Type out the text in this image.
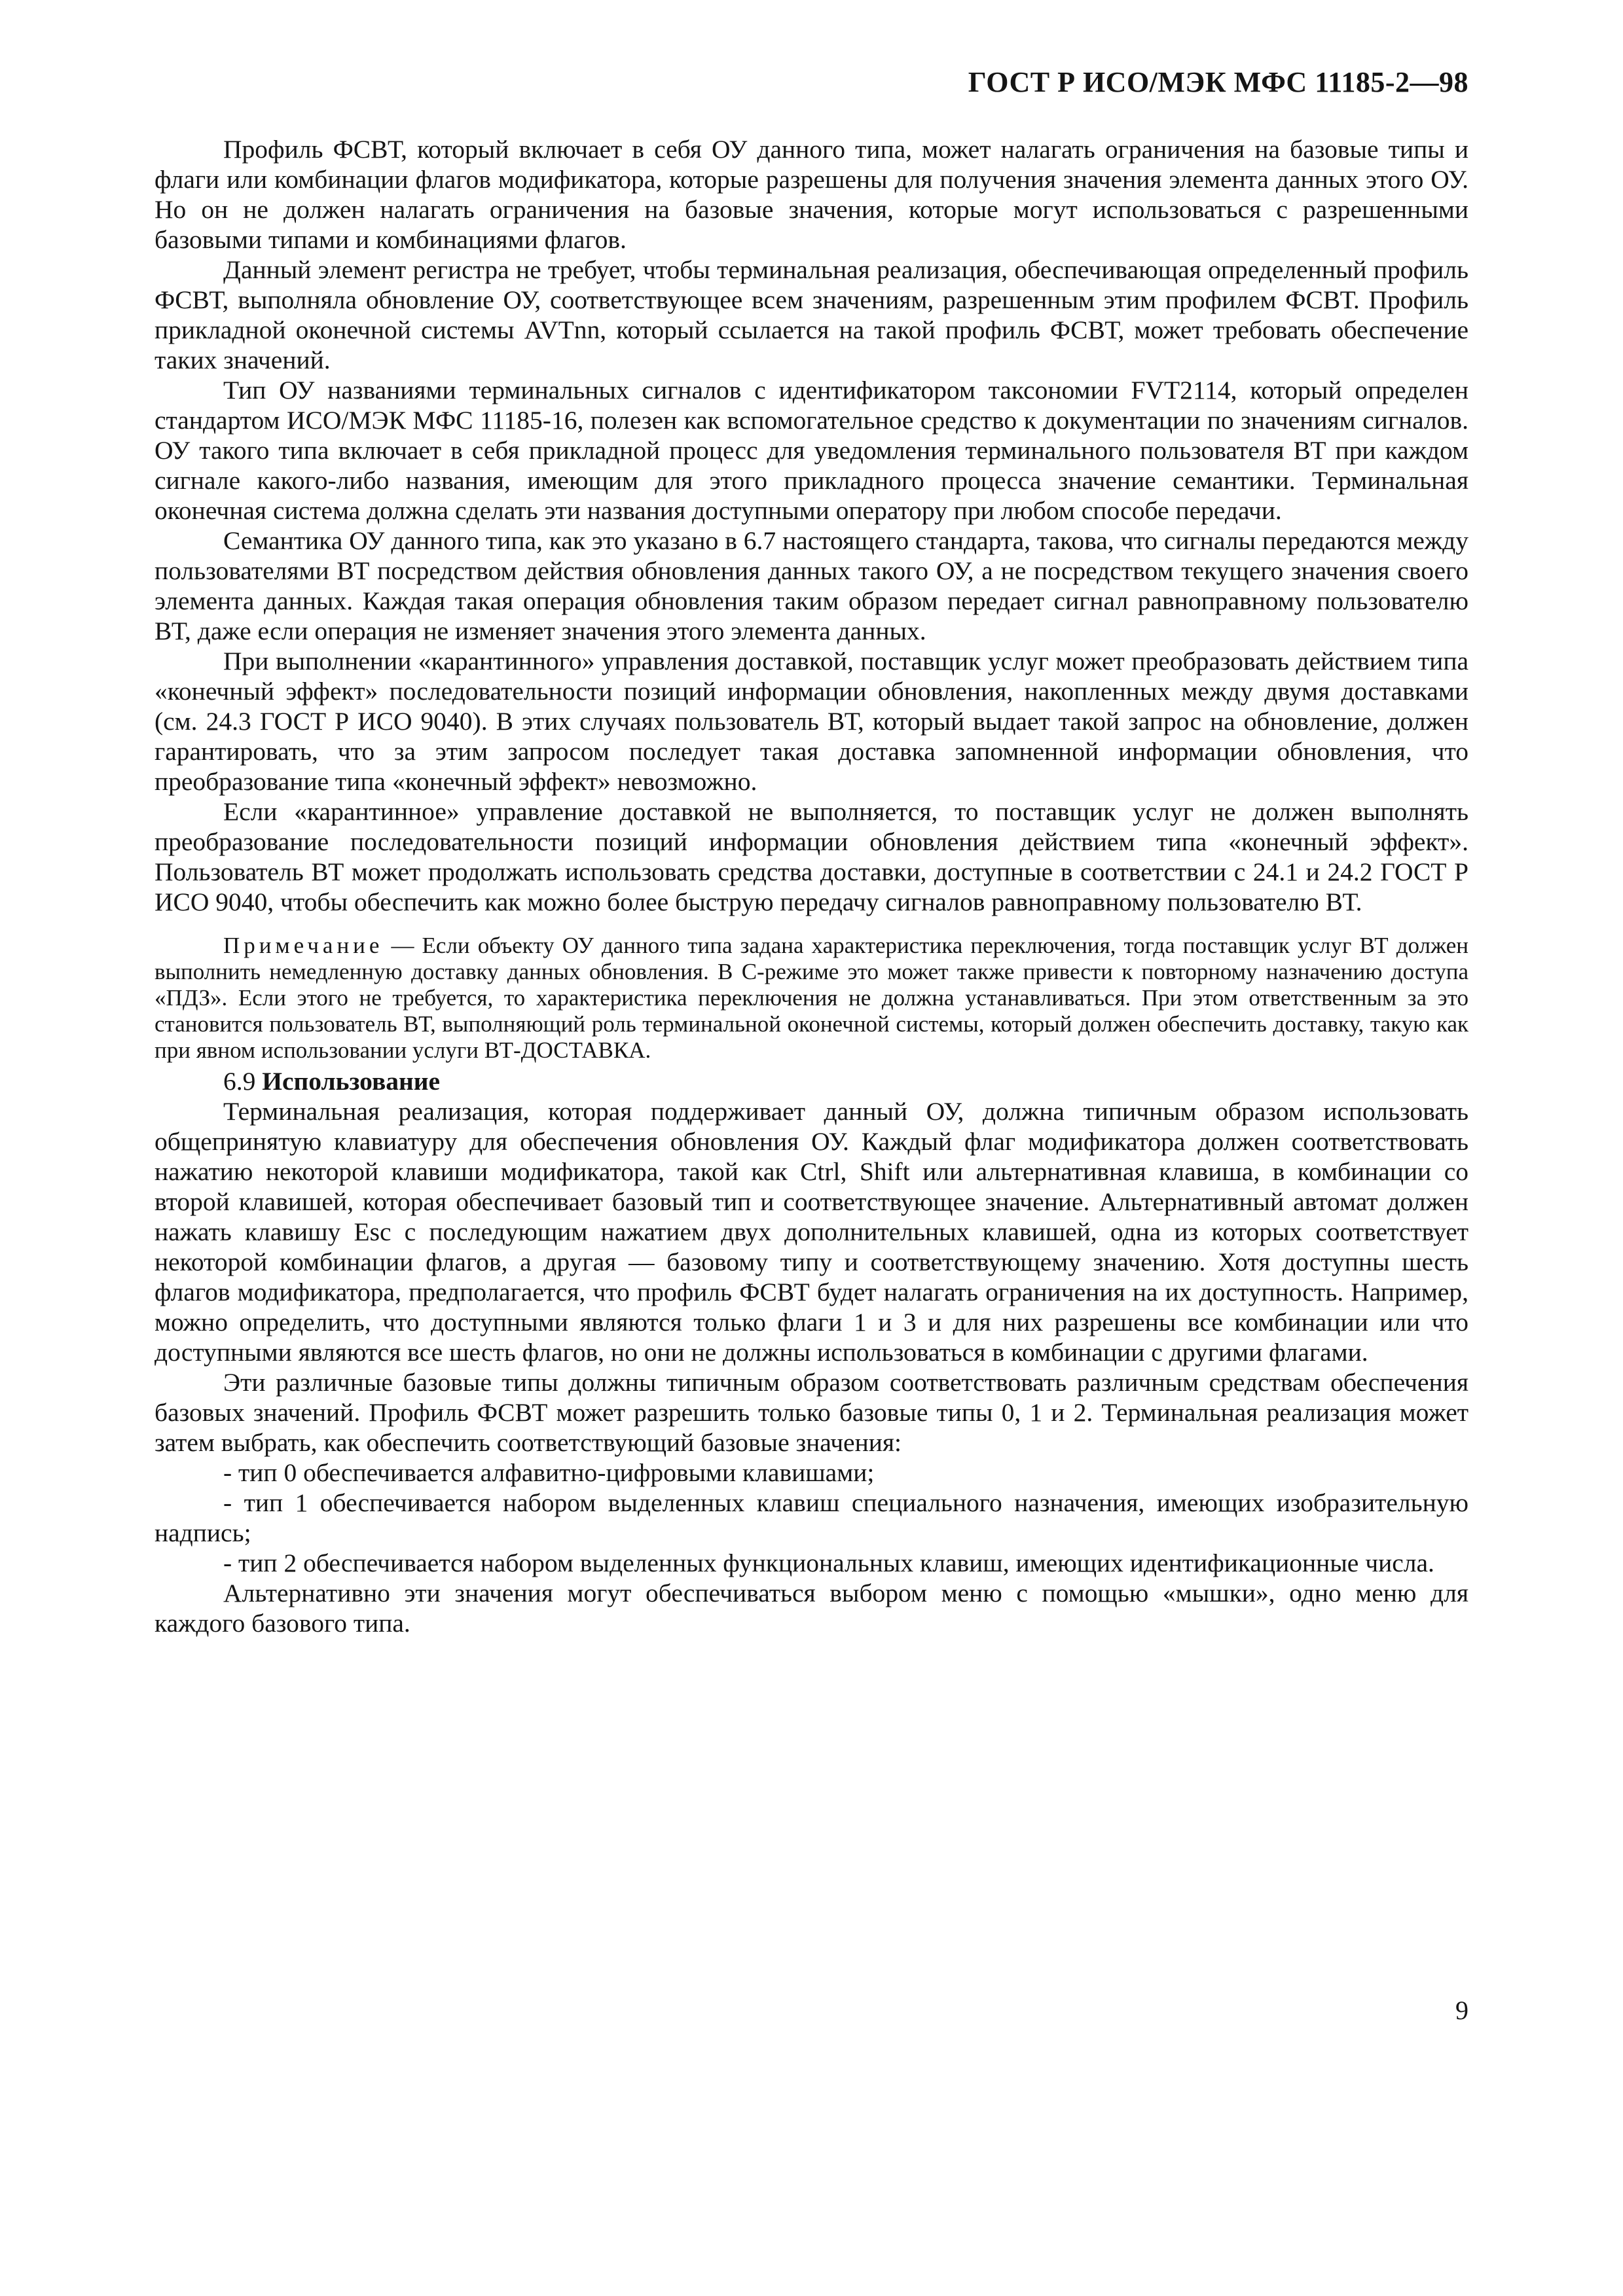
ГОСТ Р ИСО/МЭК МФС 11185-2—98

Профиль ФСВТ, который включает в себя ОУ данного типа, может налагать ограничения на базовые типы и флаги или комбинации флагов модификатора, которые разрешены для получения значения элемента данных этого ОУ. Но он не должен налагать ограничения на базовые значения, которые могут использоваться с разрешенными базовыми типами и комбинациями флагов.

Данный элемент регистра не требует, чтобы терминальная реализация, обеспечивающая определенный профиль ФСВТ, выполняла обновление ОУ, соответствующее всем значениям, разрешенным этим профилем ФСВТ. Профиль прикладной оконечной системы AVTnn, который ссылается на такой профиль ФСВТ, может требовать обеспечение таких значений.

Тип ОУ названиями терминальных сигналов с идентификатором таксономии FVT2114, который определен стандартом ИСО/МЭК МФС 11185-16, полезен как вспомогательное средство к документации по значениям сигналов. ОУ такого типа включает в себя прикладной процесс для уведомления терминального пользователя ВТ при каждом сигнале какого-либо названия, имеющим для этого прикладного процесса значение семантики. Терминальная оконечная система должна сделать эти названия доступными оператору при любом способе передачи.

Семантика ОУ данного типа, как это указано в 6.7 настоящего стандарта, такова, что сигналы передаются между пользователями ВТ посредством действия обновления данных такого ОУ, а не посредством текущего значения своего элемента данных. Каждая такая операция обновления таким образом передает сигнал равноправному пользователю ВТ, даже если операция не изменяет значения этого элемента данных.

При выполнении «карантинного» управления доставкой, поставщик услуг может преобразовать действием типа «конечный эффект» последовательности позиций информации обновления, накопленных между двумя доставками (см. 24.3 ГОСТ Р ИСО 9040). В этих случаях пользователь ВТ, который выдает такой запрос на обновление, должен гарантировать, что за этим запросом последует такая доставка запомненной информации обновления, что преобразование типа «конечный эффект» невозможно.

Если «карантинное» управление доставкой не выполняется, то поставщик услуг не должен выполнять преобразование последовательности позиций информации обновления действием типа «конечный эффект». Пользователь ВТ может продолжать использовать средства доставки, доступные в соответствии с 24.1 и 24.2 ГОСТ Р ИСО 9040, чтобы обеспечить как можно более быструю передачу сигналов равноправному пользователю ВТ.

Примечание — Если объекту ОУ данного типа задана характеристика переключения, тогда поставщик услуг ВТ должен выполнить немедленную доставку данных обновления. В С-режиме это может также привести к повторному назначению доступа «ПДЗ». Если этого не требуется, то характеристика переключения не должна устанавливаться. При этом ответственным за это становится пользователь ВТ, выполняющий роль терминальной оконечной системы, который должен обеспечить доставку, такую как при явном использовании услуги ВТ-ДОСТАВКА.

6.9 Использование

Терминальная реализация, которая поддерживает данный ОУ, должна типичным образом использовать общепринятую клавиатуру для обеспечения обновления ОУ. Каждый флаг модификатора должен соответствовать нажатию некоторой клавиши модификатора, такой как Ctrl, Shift или альтернативная клавиша, в комбинации со второй клавишей, которая обеспечивает базовый тип и соответствующее значение. Альтернативный автомат должен нажать клавишу Esc с последующим нажатием двух дополнительных клавишей, одна из которых соответствует некоторой комбинации флагов, а другая — базовому типу и соответствующему значению. Хотя доступны шесть флагов модификатора, предполагается, что профиль ФСВТ будет налагать ограничения на их доступность. Например, можно определить, что доступными являются только флаги 1 и 3 и для них разрешены все комбинации или что доступными являются все шесть флагов, но они не должны использоваться в комбинации с другими флагами.

Эти различные базовые типы должны типичным образом соответствовать различным средствам обеспечения базовых значений. Профиль ФСВТ может разрешить только базовые типы 0, 1 и 2. Терминальная реализация может затем выбрать, как обеспечить соответствующий базовые значения:

- тип 0 обеспечивается алфавитно-цифровыми клавишами;

- тип 1 обеспечивается набором выделенных клавиш специального назначения, имеющих изобразительную надпись;

- тип 2 обеспечивается набором выделенных функциональных клавиш, имеющих идентификационные числа.

Альтернативно эти значения могут обеспечиваться выбором меню с помощью «мышки», одно меню для каждого базового типа.

9
